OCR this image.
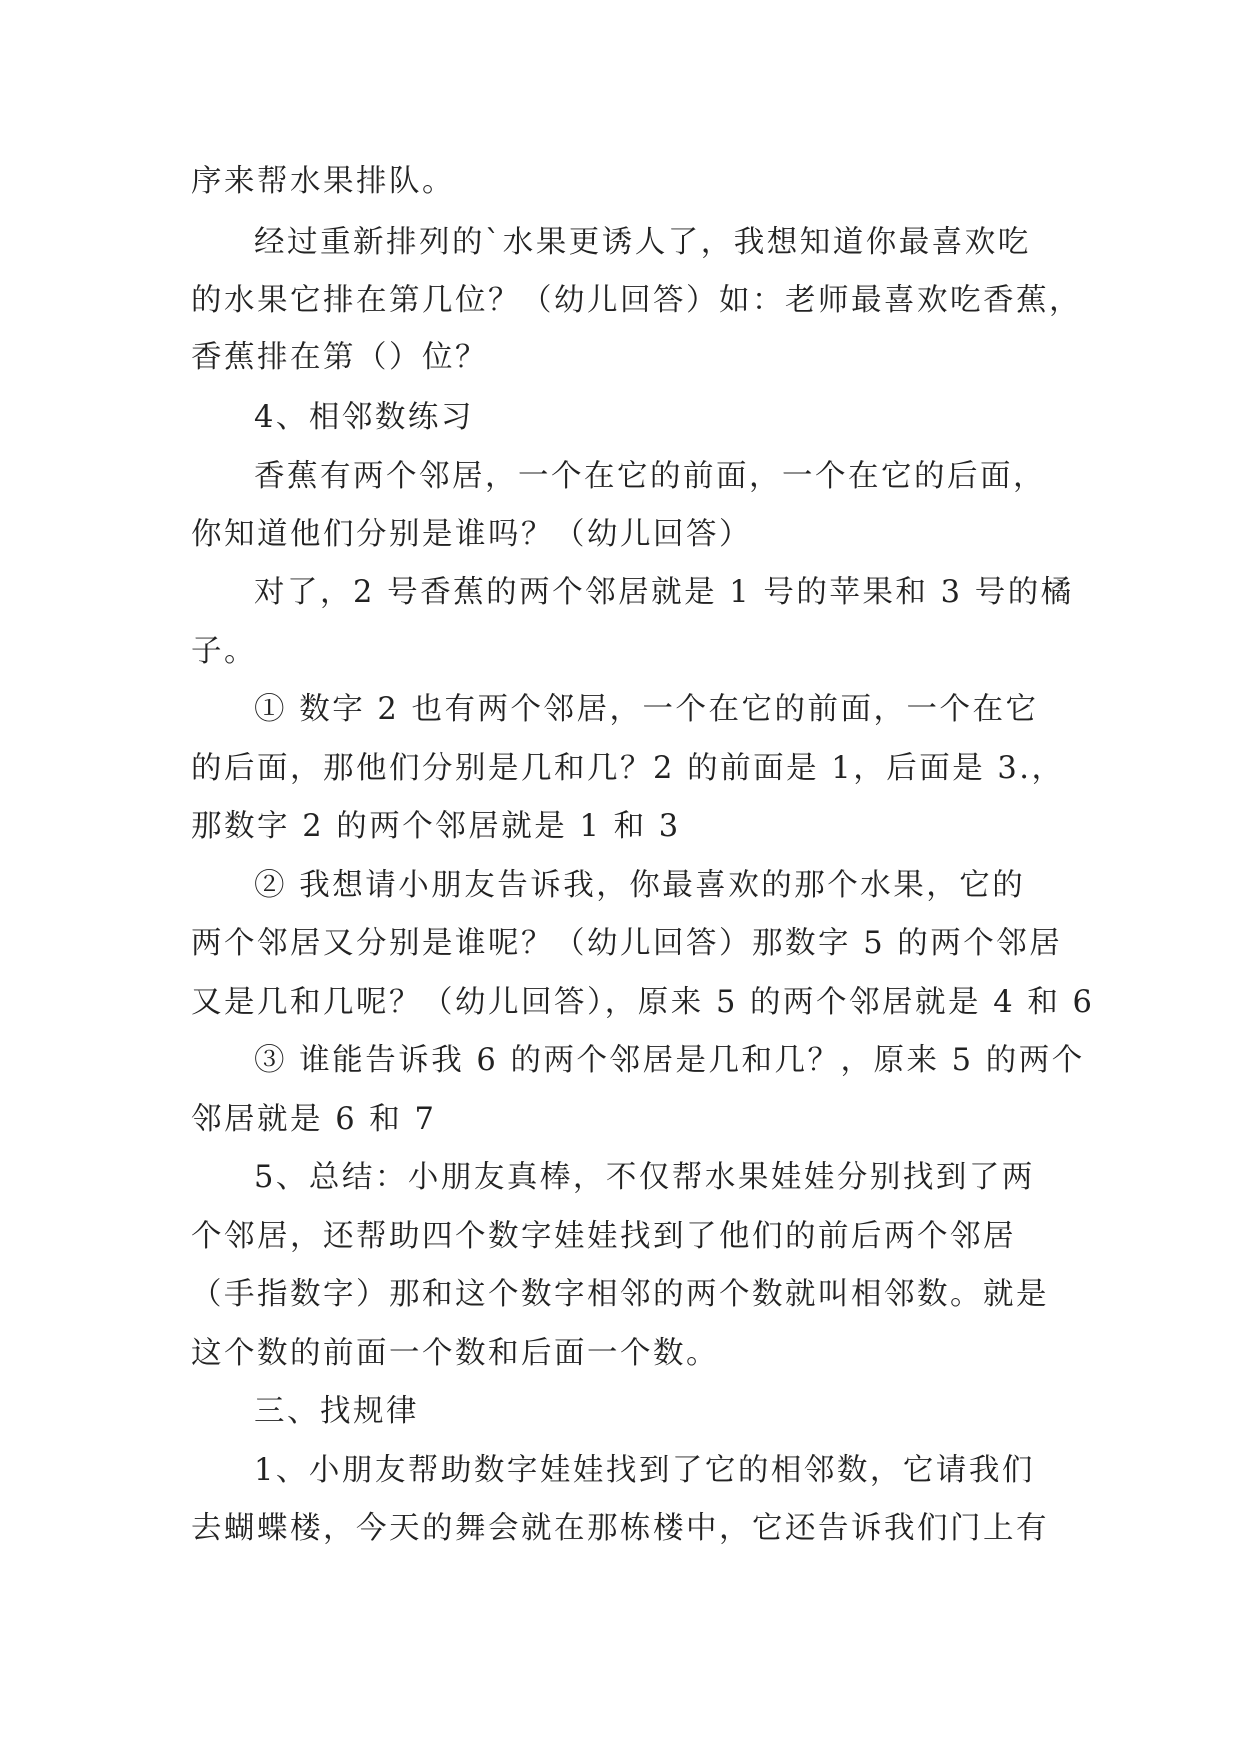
序来帮水果排队。
经过重新排列的`水果更诱人了，我想知道你最喜欢吃
的水果它排在第几位？（幼儿回答）如：老师最喜欢吃香蕉，
香蕉排在第（）位？
4、相邻数练习
香蕉有两个邻居，一个在它的前面，一个在它的后面，
你知道他们分别是谁吗？（幼儿回答）
对了，2 号香蕉的两个邻居就是 1 号的苹果和 3 号的橘
子。
① 数字 2 也有两个邻居，一个在它的前面，一个在它
的后面，那他们分别是几和几？2 的前面是 1，后面是 3.，
那数字 2 的两个邻居就是 1 和 3
② 我想请小朋友告诉我，你最喜欢的那个水果，它的
两个邻居又分别是谁呢？（幼儿回答）那数字 5 的两个邻居
又是几和几呢？（幼儿回答），原来 5 的两个邻居就是 4 和 6
③ 谁能告诉我 6 的两个邻居是几和几？，原来 5 的两个
邻居就是 6 和 7
5、总结：小朋友真棒，不仅帮水果娃娃分别找到了两
个邻居，还帮助四个数字娃娃找到了他们的前后两个邻居
（手指数字）那和这个数字相邻的两个数就叫相邻数。就是
这个数的前面一个数和后面一个数。
三、找规律
1、小朋友帮助数字娃娃找到了它的相邻数，它请我们
去蝴蝶楼，今天的舞会就在那栋楼中，它还告诉我们门上有
